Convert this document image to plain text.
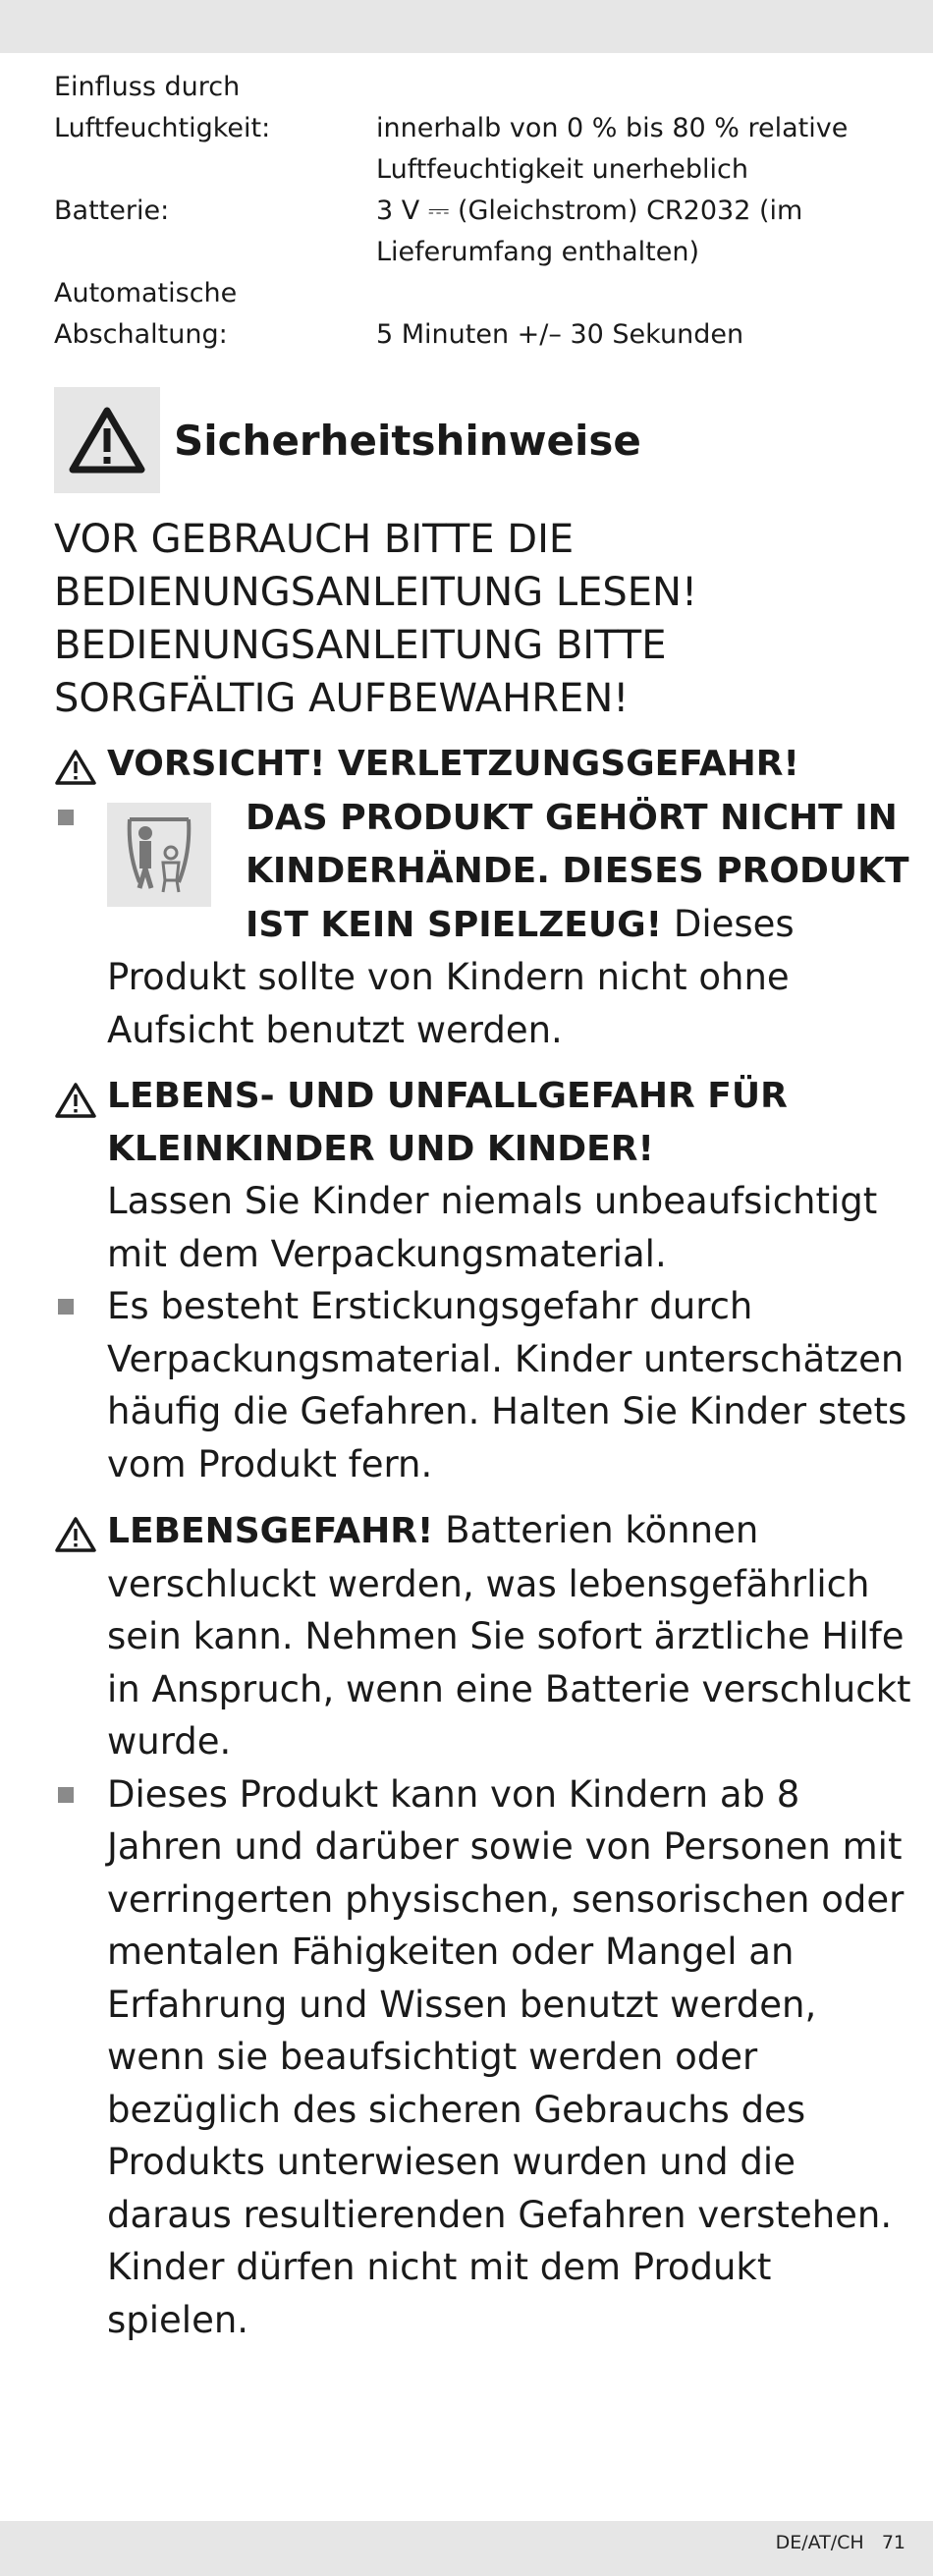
Einfluss durch
Luftfeuchtigkeit:	innerhalb von 0 % bis 80 % relative
Luftfeuchtigkeit unerheblich
Batterie:	3 V ⎓ (Gleichstrom) CR2032 (im
Lieferumfang enthalten)
Automatische
Abschaltung:	5 Minuten +/– 30 Sekunden
Sicherheitshinweise
VOR GEBRAUCH BITTE DIE BEDIENUNGSANLEITUNG LESEN! BEDIENUNGSANLEITUNG BITTE SORGFÄLTIG AUFBEWAHREN!
VORSICHT! VERLETZUNGSGEFAHR!
DAS PRODUKT GEHÖRT NICHT IN KINDERHÄNDE. DIESES PRODUKT IST KEIN SPIELZEUG! Dieses Produkt sollte von Kindern nicht ohne Aufsicht benutzt werden.
LEBENS- UND UNFALLGEFAHR FÜR KLEINKINDER UND KINDER!
Lassen Sie Kinder niemals unbeaufsichtigt mit dem Verpackungsmaterial.
Es besteht Erstickungsgefahr durch Verpackungsmaterial. Kinder unterschätzen häufig die Gefahren. Halten Sie Kinder stets vom Produkt fern.
LEBENSGEFAHR! Batterien können verschluckt werden, was lebensgefährlich sein kann. Nehmen Sie sofort ärztliche Hilfe in Anspruch, wenn eine Batterie verschluckt wurde.
Dieses Produkt kann von Kindern ab 8 Jahren und darüber sowie von Personen mit verringerten physischen, sensorischen oder mentalen Fähigkeiten oder Mangel an Erfahrung und Wissen benutzt werden, wenn sie beaufsichtigt werden oder bezüglich des sicheren Gebrauchs des Produkts unterwiesen wurden und die daraus resultierenden Gefahren verstehen. Kinder dürfen nicht mit dem Produkt spielen.
DE/AT/CH   71
